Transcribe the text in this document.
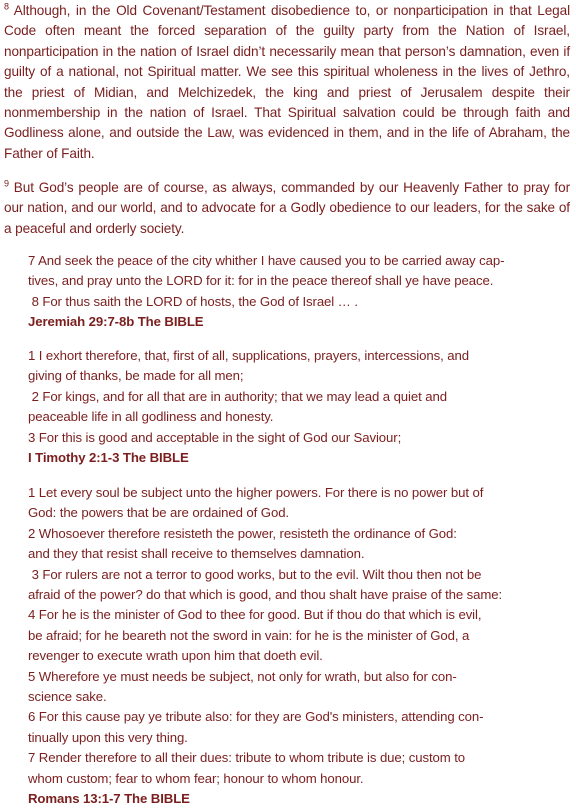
$^8$ Although, in the Old Covenant/Testament disobedience to, or nonparticipation in that Legal Code often meant the forced separation of the guilty party from the Nation of Israel, nonparticipation in the nation of Israel didn’t necessarily mean that person’s damnation, even if guilty of a national, not Spiritual matter. We see this spiritual wholeness in the lives of Jethro, the priest of Midian, and Melchizedek, the king and priest of Jerusalem despite their nonmembership in the nation of Israel. That Spiritual salvation could be through faith and Godliness alone, and outside the Law, was evidenced in them, and in the life of Abraham, the Father of Faith.

$^9$ But God’s people are of course, as always, commanded by our Heavenly Father to pray for our nation, and our world, and to advocate for a Godly obedience to our leaders, for the sake of a peaceful and orderly society.

7 And seek the peace of the city whither I have caused you to be carried away cap-
tives, and pray unto the LORD for it: for in the peace thereof shall ye have peace.
8 For thus saith the LORD of hosts, the God of Israel … .
Jeremiah 29:7-8b The BIBLE
1 I exhort therefore, that, first of all, supplications, prayers, intercessions, and
giving of thanks, be made for all men;
2 For kings, and for all that are in authority; that we may lead a quiet and
peaceable life in all godliness and honesty.
3 For this is good and acceptable in the sight of God our Saviour;
I Timothy 2:1-3 The BIBLE
1 Let every soul be subject unto the higher powers. For there is no power but of
God: the powers that be are ordained of God.
2 Whosoever therefore resisteth the power, resisteth the ordinance of God:
and they that resist shall receive to themselves damnation.
3 For rulers are not a terror to good works, but to the evil. Wilt thou then not be
afraid of the power? do that which is good, and thou shalt have praise of the same:
4 For he is the minister of God to thee for good. But if thou do that which is evil,
be afraid; for he beareth not the sword in vain: for he is the minister of God, a
revenger to execute wrath upon him that doeth evil.
5 Wherefore ye must needs be subject, not only for wrath, but also for con-
science sake.
6 For this cause pay ye tribute also: for they are God's ministers, attending con-
tinually upon this very thing.
7 Render therefore to all their dues: tribute to whom tribute is due; custom to
whom custom; fear to whom fear; honour to whom honour.
Romans 13:1-7 The BIBLE
